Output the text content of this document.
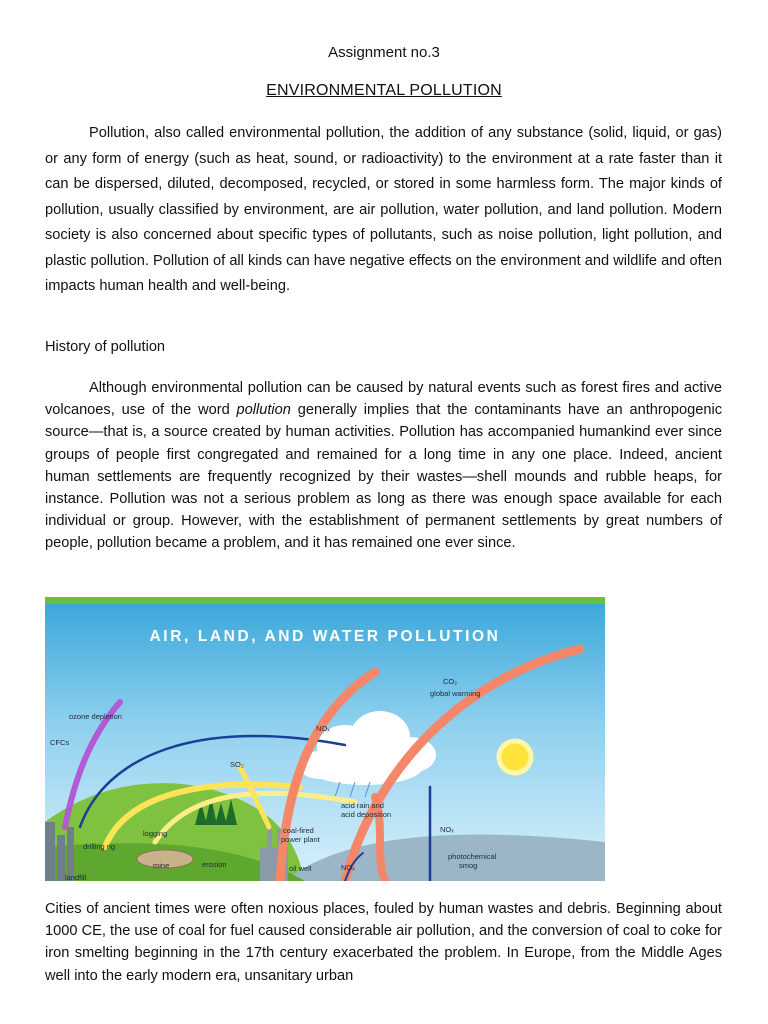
Assignment no.3
ENVIRONMENTAL POLLUTION

Pollution, also called environmental pollution, the addition of any substance (solid, liquid, or gas) or any form of energy (such as heat, sound, or radioactivity) to the environment at a rate faster than it can be dispersed, diluted, decomposed, recycled, or stored in some harmless form. The major kinds of pollution, usually classified by environment, are air pollution, water pollution, and land pollution. Modern society is also concerned about specific types of pollutants, such as noise pollution, light pollution, and plastic pollution. Pollution of all kinds can have negative effects on the environment and wildlife and often impacts human health and well-being.

History of pollution

Although environmental pollution can be caused by natural events such as forest fires and active volcanoes, use of the word pollution generally implies that the contaminants have an anthropogenic source—that is, a source created by human activities. Pollution has accompanied humankind ever since groups of people first congregated and remained for a long time in any one place. Indeed, ancient human settlements are frequently recognized by their wastes—shell mounds and rubble heaps, for instance. Pollution was not a serious problem as long as there was enough space available for each individual or group. However, with the establishment of permanent settlements by great numbers of people, pollution became a problem, and it has remained one ever since.

AIR, LAND, AND WATER POLLUTION
CO₂
global warming
ozone depletion
CFCs
NOₓ
SO₂
acid rain and
acid deposition
NOₓ
logging
drilling rig
coal-fired
power plant
mine	erosion	oil well	NOₓ
photochemical
smog
landfill

Cities of ancient times were often noxious places, fouled by human wastes and debris. Beginning about 1000 CE, the use of coal for fuel caused considerable air pollution, and the conversion of coal to coke for iron smelting beginning in the 17th century exacerbated the problem. In Europe, from the Middle Ages well into the early modern era, unsanitary urban
